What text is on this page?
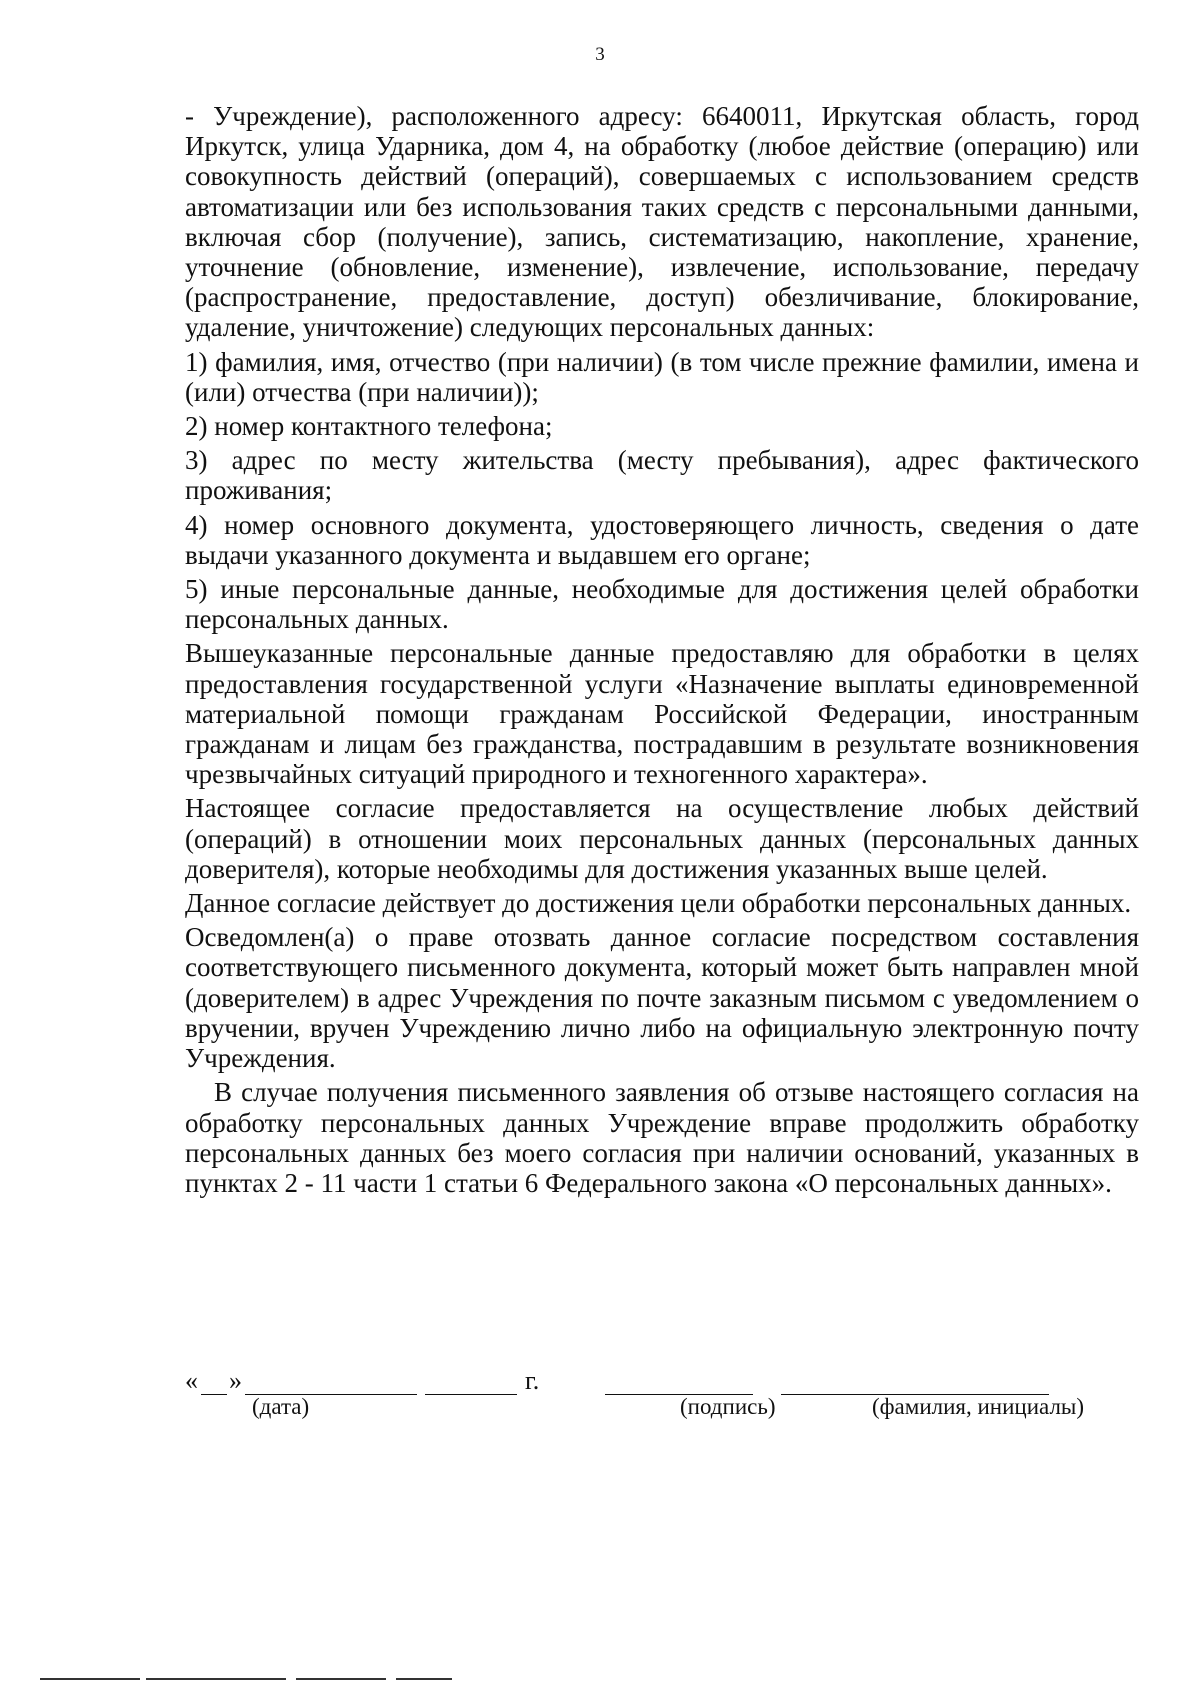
3

- Учреждение), расположенного адресу: 6640011, Иркутская область, город Иркутск, улица Ударника, дом 4, на обработку (любое действие (операцию) или совокупность действий (операций), совершаемых с использованием средств автоматизации или без использования таких средств с персональными данными, включая сбор (получение), запись, систематизацию, накопление, хранение, уточнение (обновление, изменение), извлечение, использование, передачу (распространение, предоставление, доступ) обезличивание, блокирование, удаление, уничтожение) следующих персональных данных:

1) фамилия, имя, отчество (при наличии) (в том числе прежние фамилии, имена и (или) отчества (при наличии));

2) номер контактного телефона;

3) адрес по месту жительства (месту пребывания), адрес фактического проживания;

4) номер основного документа, удостоверяющего личность, сведения о дате выдачи указанного документа и выдавшем его органе;

5) иные персональные данные, необходимые для достижения целей обработки персональных данных.

Вышеуказанные персональные данные предоставляю для обработки в целях предоставления государственной услуги «Назначение выплаты единовременной материальной помощи гражданам Российской Федерации, иностранным гражданам и лицам без гражданства, пострадавшим в результате возникновения чрезвычайных ситуаций природного и техногенного характера».

Настоящее согласие предоставляется на осуществление любых действий (операций) в отношении моих персональных данных (персональных данных доверителя), которые необходимы для достижения указанных выше целей.

Данное согласие действует до достижения цели обработки персональных данных.

Осведомлен(а) о праве отозвать данное согласие посредством составления соответствующего письменного документа, который может быть направлен мной (доверителем) в адрес Учреждения по почте заказным письмом с уведомлением о вручении, вручен Учреждению лично либо на официальную электронную почту Учреждения.

В случае получения письменного заявления об отзыве настоящего согласия на обработку персональных данных Учреждение вправе продолжить обработку персональных данных без моего согласия при наличии оснований, указанных в пунктах 2 - 11 части 1 статьи 6 Федерального закона «О персональных данных».

« »	г.
(дата)	(подпись)	(фамилия, инициалы)
